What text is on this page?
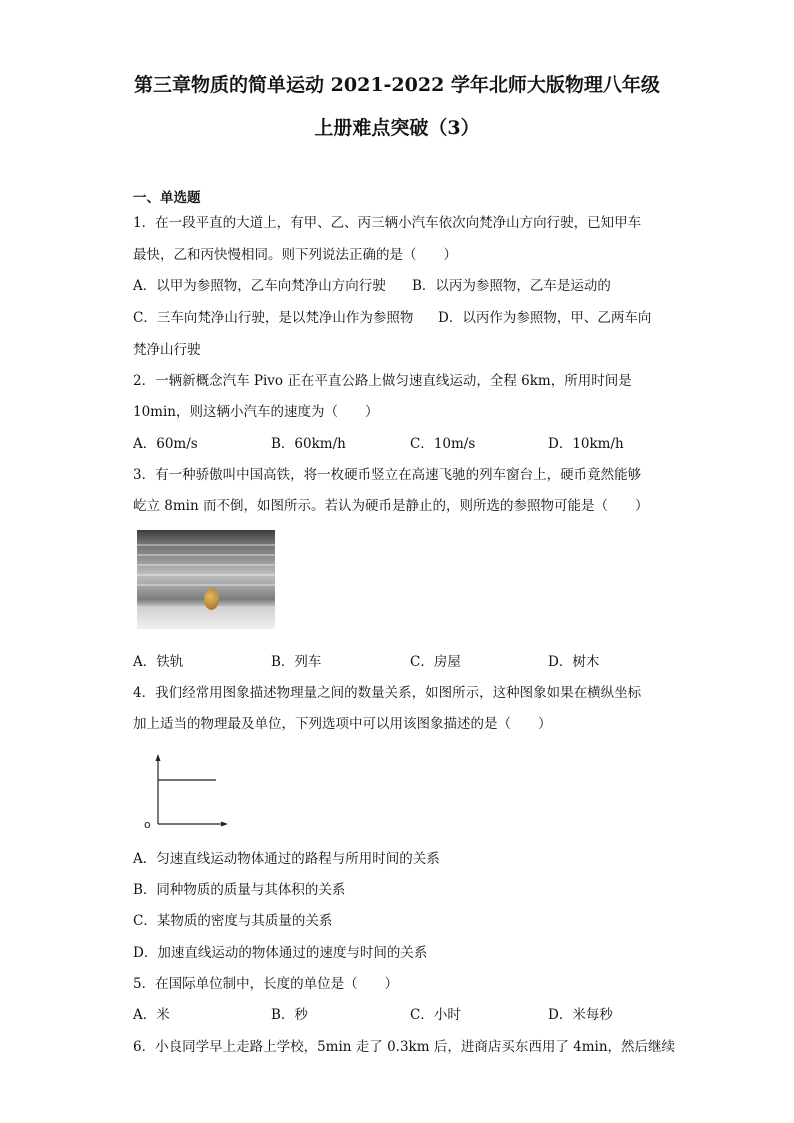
第三章物质的简单运动 2021-2022 学年北师大版物理八年级
上册难点突破（3）
一、单选题
1．在一段平直的大道上，有甲、乙、丙三辆小汽车依次向梵净山方向行驶，已知甲车
最快，乙和丙快慢相同。则下列说法正确的是（　　）
A．以甲为参照物，乙车向梵净山方向行驶 B．以丙为参照物，乙车是运动的
C．三车向梵净山行驶，是以梵净山作为参照物 D．以丙作为参照物，甲、乙两车向
梵净山行驶
2．一辆新概念汽车 Pivo 正在平直公路上做匀速直线运动，全程 6km，所用时间是
10min，则这辆小汽车的速度为（　　）
A．60m/s	B．60km/h	C．10m/s	D．10km/h
3．有一种骄傲叫中国高铁，将一枚硬币竖立在高速飞驰的列车窗台上，硬币竟然能够
屹立 8min 而不倒，如图所示。若认为硬币是静止的，则所选的参照物可能是（　　）
A．铁轨	B．列车	C．房屋	D．树木
4．我们经常用图象描述物理量之间的数量关系，如图所示，这种图象如果在横纵坐标
加上适当的物理最及单位，下列选项中可以用该图象描述的是（　　）
o
A．匀速直线运动物体通过的路程与所用时间的关系
B．同种物质的质量与其体积的关系
C．某物质的密度与其质量的关系
D．加速直线运动的物体通过的速度与时间的关系
5．在国际单位制中，长度的单位是（　　）
A．米	B．秒	C．小时	D．米每秒
6．小良同学早上走路上学校，5min 走了 0.3km 后，进商店买东西用了 4min，然后继续
